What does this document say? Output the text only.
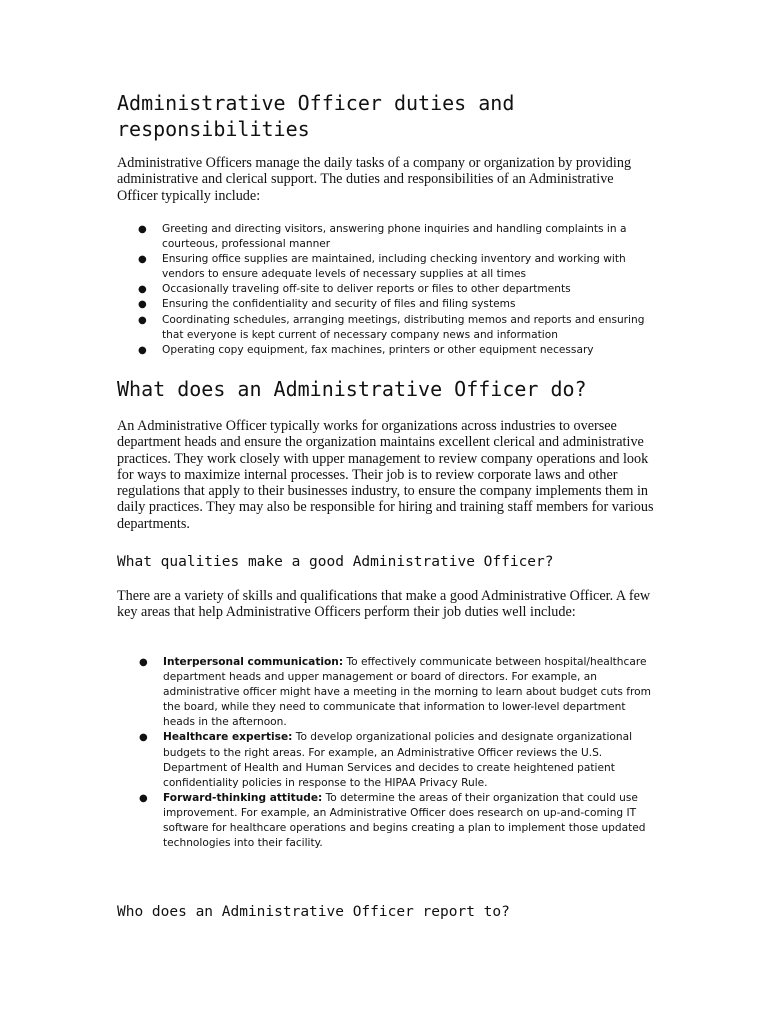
Administrative Officer duties and
responsibilities

Administrative Officers manage the daily tasks of a company or organization by providing administrative and clerical support. The duties and responsibilities of an Administrative Officer typically include:

● Greeting and directing visitors, answering phone inquiries and handling complaints in a courteous, professional manner
● Ensuring office supplies are maintained, including checking inventory and working with vendors to ensure adequate levels of necessary supplies at all times
● Occasionally traveling off-site to deliver reports or files to other departments
● Ensuring the confidentiality and security of files and filing systems
● Coordinating schedules, arranging meetings, distributing memos and reports and ensuring that everyone is kept current of necessary company news and information
● Operating copy equipment, fax machines, printers or other equipment necessary
What does an Administrative Officer do?

An Administrative Officer typically works for organizations across industries to oversee department heads and ensure the organization maintains excellent clerical and administrative practices. They work closely with upper management to review company operations and look for ways to maximize internal processes. Their job is to review corporate laws and other regulations that apply to their businesses industry, to ensure the company implements them in daily practices. They may also be responsible for hiring and training staff members for various departments.

What qualities make a good Administrative Officer?

There are a variety of skills and qualifications that make a good Administrative Officer. A few key areas that help Administrative Officers perform their job duties well include:

● Interpersonal communication: To effectively communicate between hospital/healthcare department heads and upper management or board of directors. For example, an administrative officer might have a meeting in the morning to learn about budget cuts from the board, while they need to communicate that information to lower-level department heads in the afternoon.
● Healthcare expertise: To develop organizational policies and designate organizational budgets to the right areas. For example, an Administrative Officer reviews the U.S. Department of Health and Human Services and decides to create heightened patient confidentiality policies in response to the HIPAA Privacy Rule.
● Forward-thinking attitude: To determine the areas of their organization that could use improvement. For example, an Administrative Officer does research on up-and-coming IT software for healthcare operations and begins creating a plan to implement those updated technologies into their facility.
Who does an Administrative Officer report to?
